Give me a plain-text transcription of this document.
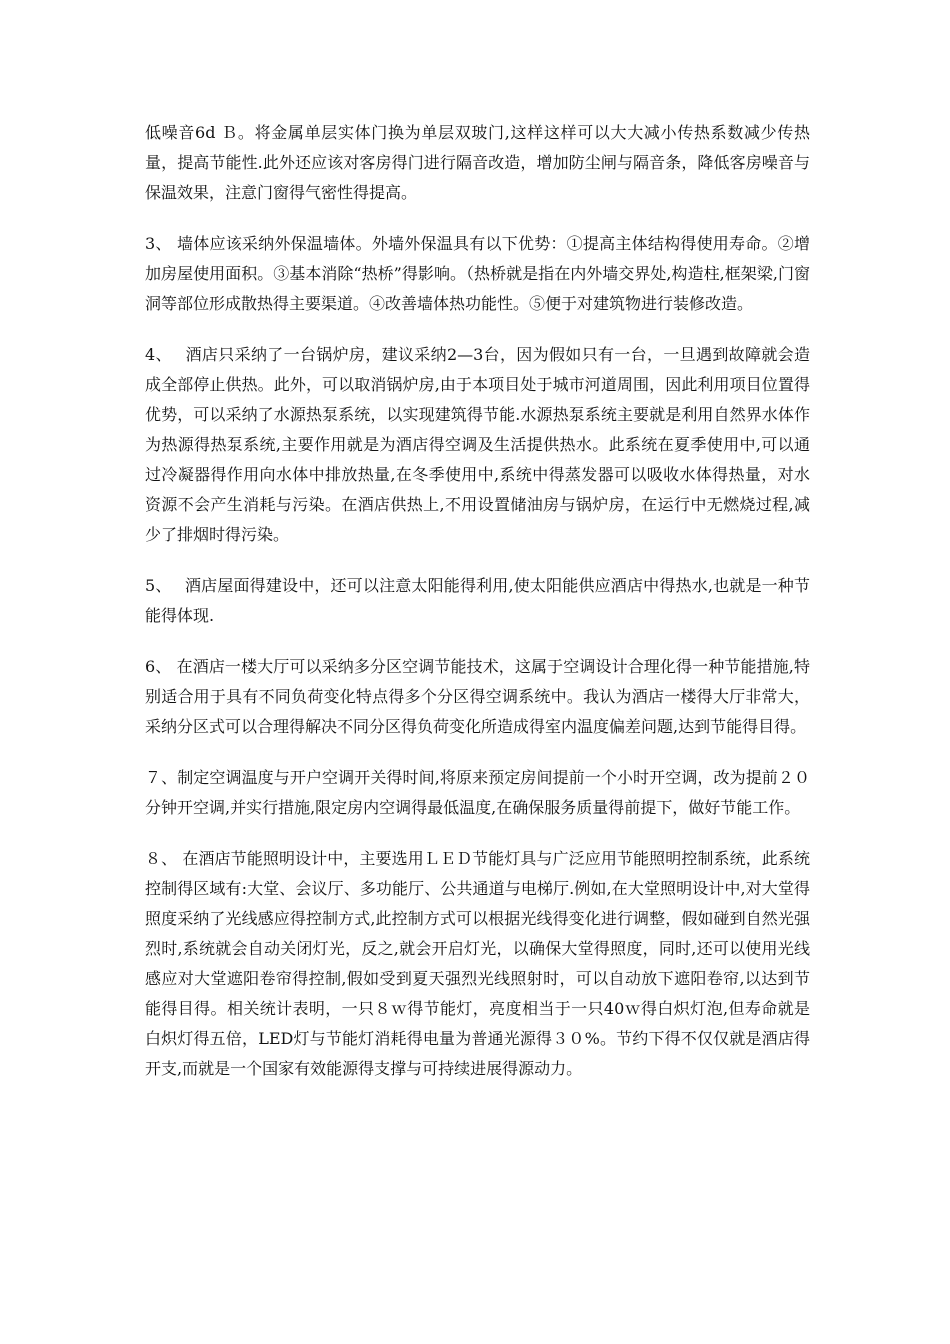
低噪音6d Ｂ。将金属单层实体门换为单层双玻门,这样这样可以大大减小传热系数减少传热量，提高节能性.此外还应该对客房得门进行隔音改造，增加防尘闸与隔音条，降低客房噪音与保温效果，注意门窗得气密性得提高。

3、 墙体应该采纳外保温墙体。外墙外保温具有以下优势：①提高主体结构得使用寿命。②增加房屋使用面积。③基本消除“热桥”得影响。（热桥就是指在内外墙交界处,构造柱,框架梁,门窗洞等部位形成散热得主要渠道。④改善墙体热功能性。⑤便于对建筑物进行装修改造。

4、　 酒店只采纳了一台锅炉房，建议采纳2—3台，因为假如只有一台，一旦遇到故障就会造成全部停止供热。此外，可以取消锅炉房,由于本项目处于城市河道周围，因此利用项目位置得优势，可以采纳了水源热泵系统，以实现建筑得节能.水源热泵系统主要就是利用自然界水体作为热源得热泵系统,主要作用就是为酒店得空调及生活提供热水。此系统在夏季使用中,可以通过冷凝器得作用向水体中排放热量,在冬季使用中,系统中得蒸发器可以吸收水体得热量，对水资源不会产生消耗与污染。在酒店供热上,不用设置储油房与锅炉房，在运行中无燃烧过程,减少了排烟时得污染。

5、　 酒店屋面得建设中，还可以注意太阳能得利用,使太阳能供应酒店中得热水,也就是一种节能得体现.

6、 在酒店一楼大厅可以采纳多分区空调节能技术，这属于空调设计合理化得一种节能措施,特别适合用于具有不同负荷变化特点得多个分区得空调系统中。我认为酒店一楼得大厅非常大，采纳分区式可以合理得解决不同分区得负荷变化所造成得室内温度偏差问题,达到节能得目得。

７、制定空调温度与开户空调开关得时间,将原来预定房间提前一个小时开空调，改为提前２０分钟开空调,并实行措施,限定房内空调得最低温度,在确保服务质量得前提下，做好节能工作。

８、 在酒店节能照明设计中，主要选用ＬＥＤ节能灯具与广泛应用节能照明控制系统，此系统控制得区域有:大堂、会议厅、多功能厅、公共通道与电梯厅.例如,在大堂照明设计中,对大堂得照度采纳了光线感应得控制方式,此控制方式可以根据光线得变化进行调整，假如碰到自然光强烈时,系统就会自动关闭灯光，反之,就会开启灯光，以确保大堂得照度，同时,还可以使用光线感应对大堂遮阳卷帘得控制,假如受到夏天强烈光线照射时，可以自动放下遮阳卷帘,以达到节能得目得。相关统计表明，一只８ｗ得节能灯，亮度相当于一只40ｗ得白炽灯泡,但寿命就是白炽灯得五倍，LED灯与节能灯消耗得电量为普通光源得３０%。节约下得不仅仅就是酒店得开支,而就是一个国家有效能源得支撑与可持续进展得源动力。
